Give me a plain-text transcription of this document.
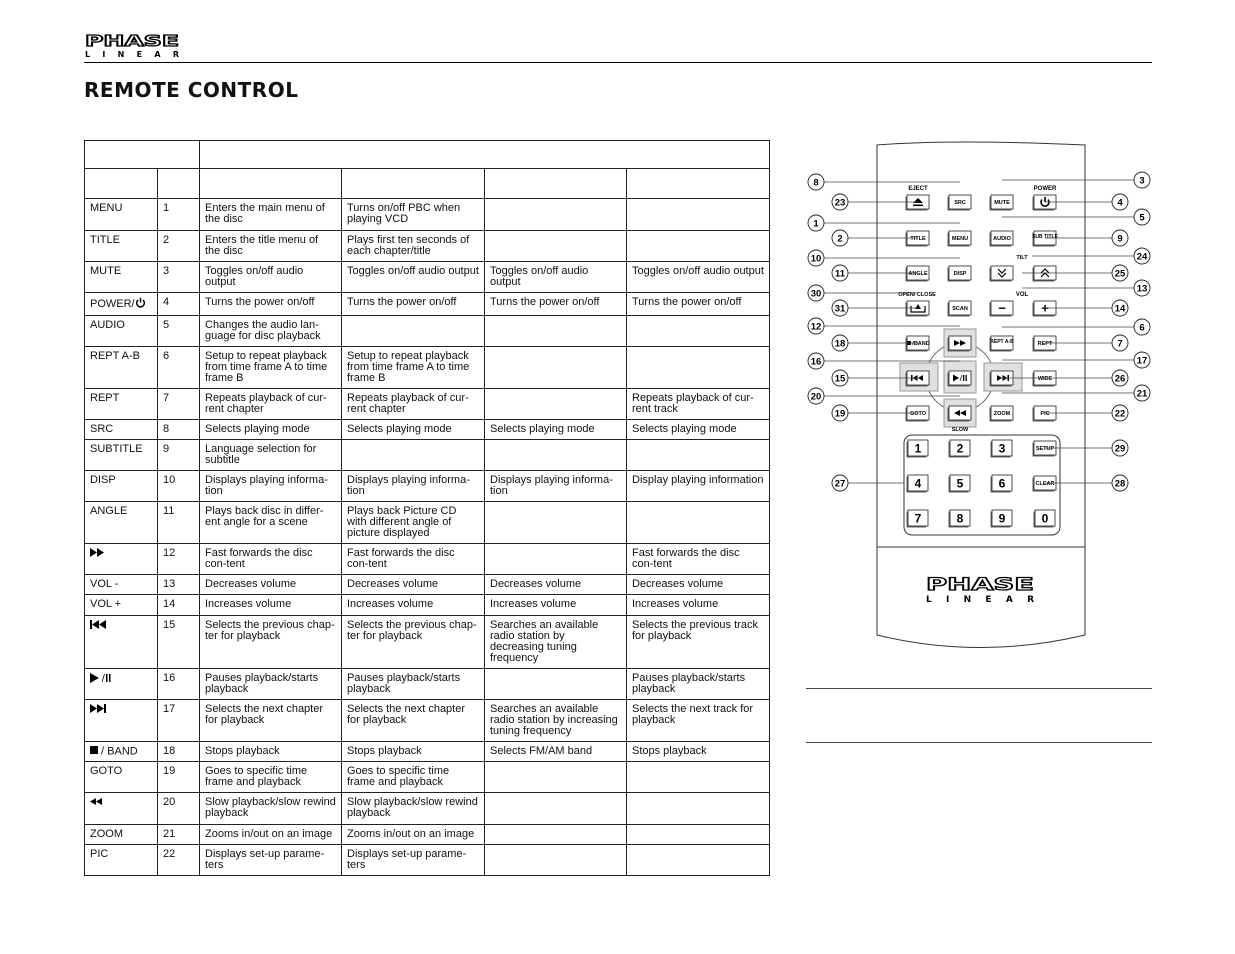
PHASE
LINEAR
REMOTE CONTROL

MENU	1	Enters the main menu of the disc	Turns on/off PBC when playing VCD		
TITLE	2	Enters the title menu of the disc	Plays first ten seconds of each chapter/title		
MUTE	3	Toggles on/off audio output	Toggles on/off audio output	Toggles on/off audio output	Toggles on/off audio output
POWER/	4	Turns the power on/off	Turns the power on/off	Turns the power on/off	Turns the power on/off
AUDIO	5	Changes the audio lan-guage for disc playback			
REPT A-B	6	Setup to repeat playback from time frame A to time frame B	Setup to repeat playback from time frame A to time frame B		
REPT	7	Repeats playback of cur-rent chapter	Repeats playback of cur-rent chapter		Repeats playback of cur-rent track
SRC	8	Selects playing mode	Selects playing mode	Selects playing mode	Selects playing mode
SUBTITLE	9	Language selection for subtitle			
DISP	10	Displays playing informa-tion	Displays playing informa-tion	Displays playing informa-tion	Display playing information
ANGLE	11	Plays back disc in differ-ent angle for a scene	Plays back Picture CD with different angle of picture displayed		
	12	Fast forwards the disc con-tent	Fast forwards the disc con-tent		Fast forwards the disc con-tent
VOL -	13	Decreases volume	Decreases volume	Decreases volume	Decreases volume
VOL +	14	Increases volume	Increases volume	Increases volume	Increases volume
	15	Selects the previous chap-ter for playback	Selects the previous chap-ter for playback	Searches an available radio station by decreasing tuning frequency	Selects the previous track for playback
	16	Pauses playback/starts playback	Pauses playback/starts playback		Pauses playback/starts playback
	17	Selects the next chapter for playback	Selects the next chapter for playback	Searches an available radio station by increasing tuning frequency	Selects the next track for playback
/ BAND	18	Stops playback	Stops playback	Selects FM/AM band	Stops playback
GOTO	19	Goes to specific time frame and playback	Goes to specific time frame and playback		
	20	Slow playback/slow rewind playback	Slow playback/slow rewind playback		
ZOOM	21	Zooms in/out on an image	Zooms in/out on an image		
PIC	22	Displays set-up parame-ters	Displays set-up parame-ters		
EJECT	POWER
TILT
OPEN/ CLOSE	VOL
SLOW
SRC	MUTE
TITLE	MENU	AUDIO	SUB TITLE
ANGLE	DISP
SCAN −	+
/BAND	REPT A-B	REPT
WIDE
GOTO	ZOOM	PIC
1	2	3	SETUP
4	5	6	CLEAR
7	8	9	0
8
23
1
2
10
11
30
31
12
18
16
15
20
19
27
3
4
5
9
24
25
13
14
6
7
17
26
21
22
29
28
PHASE
LINEAR
